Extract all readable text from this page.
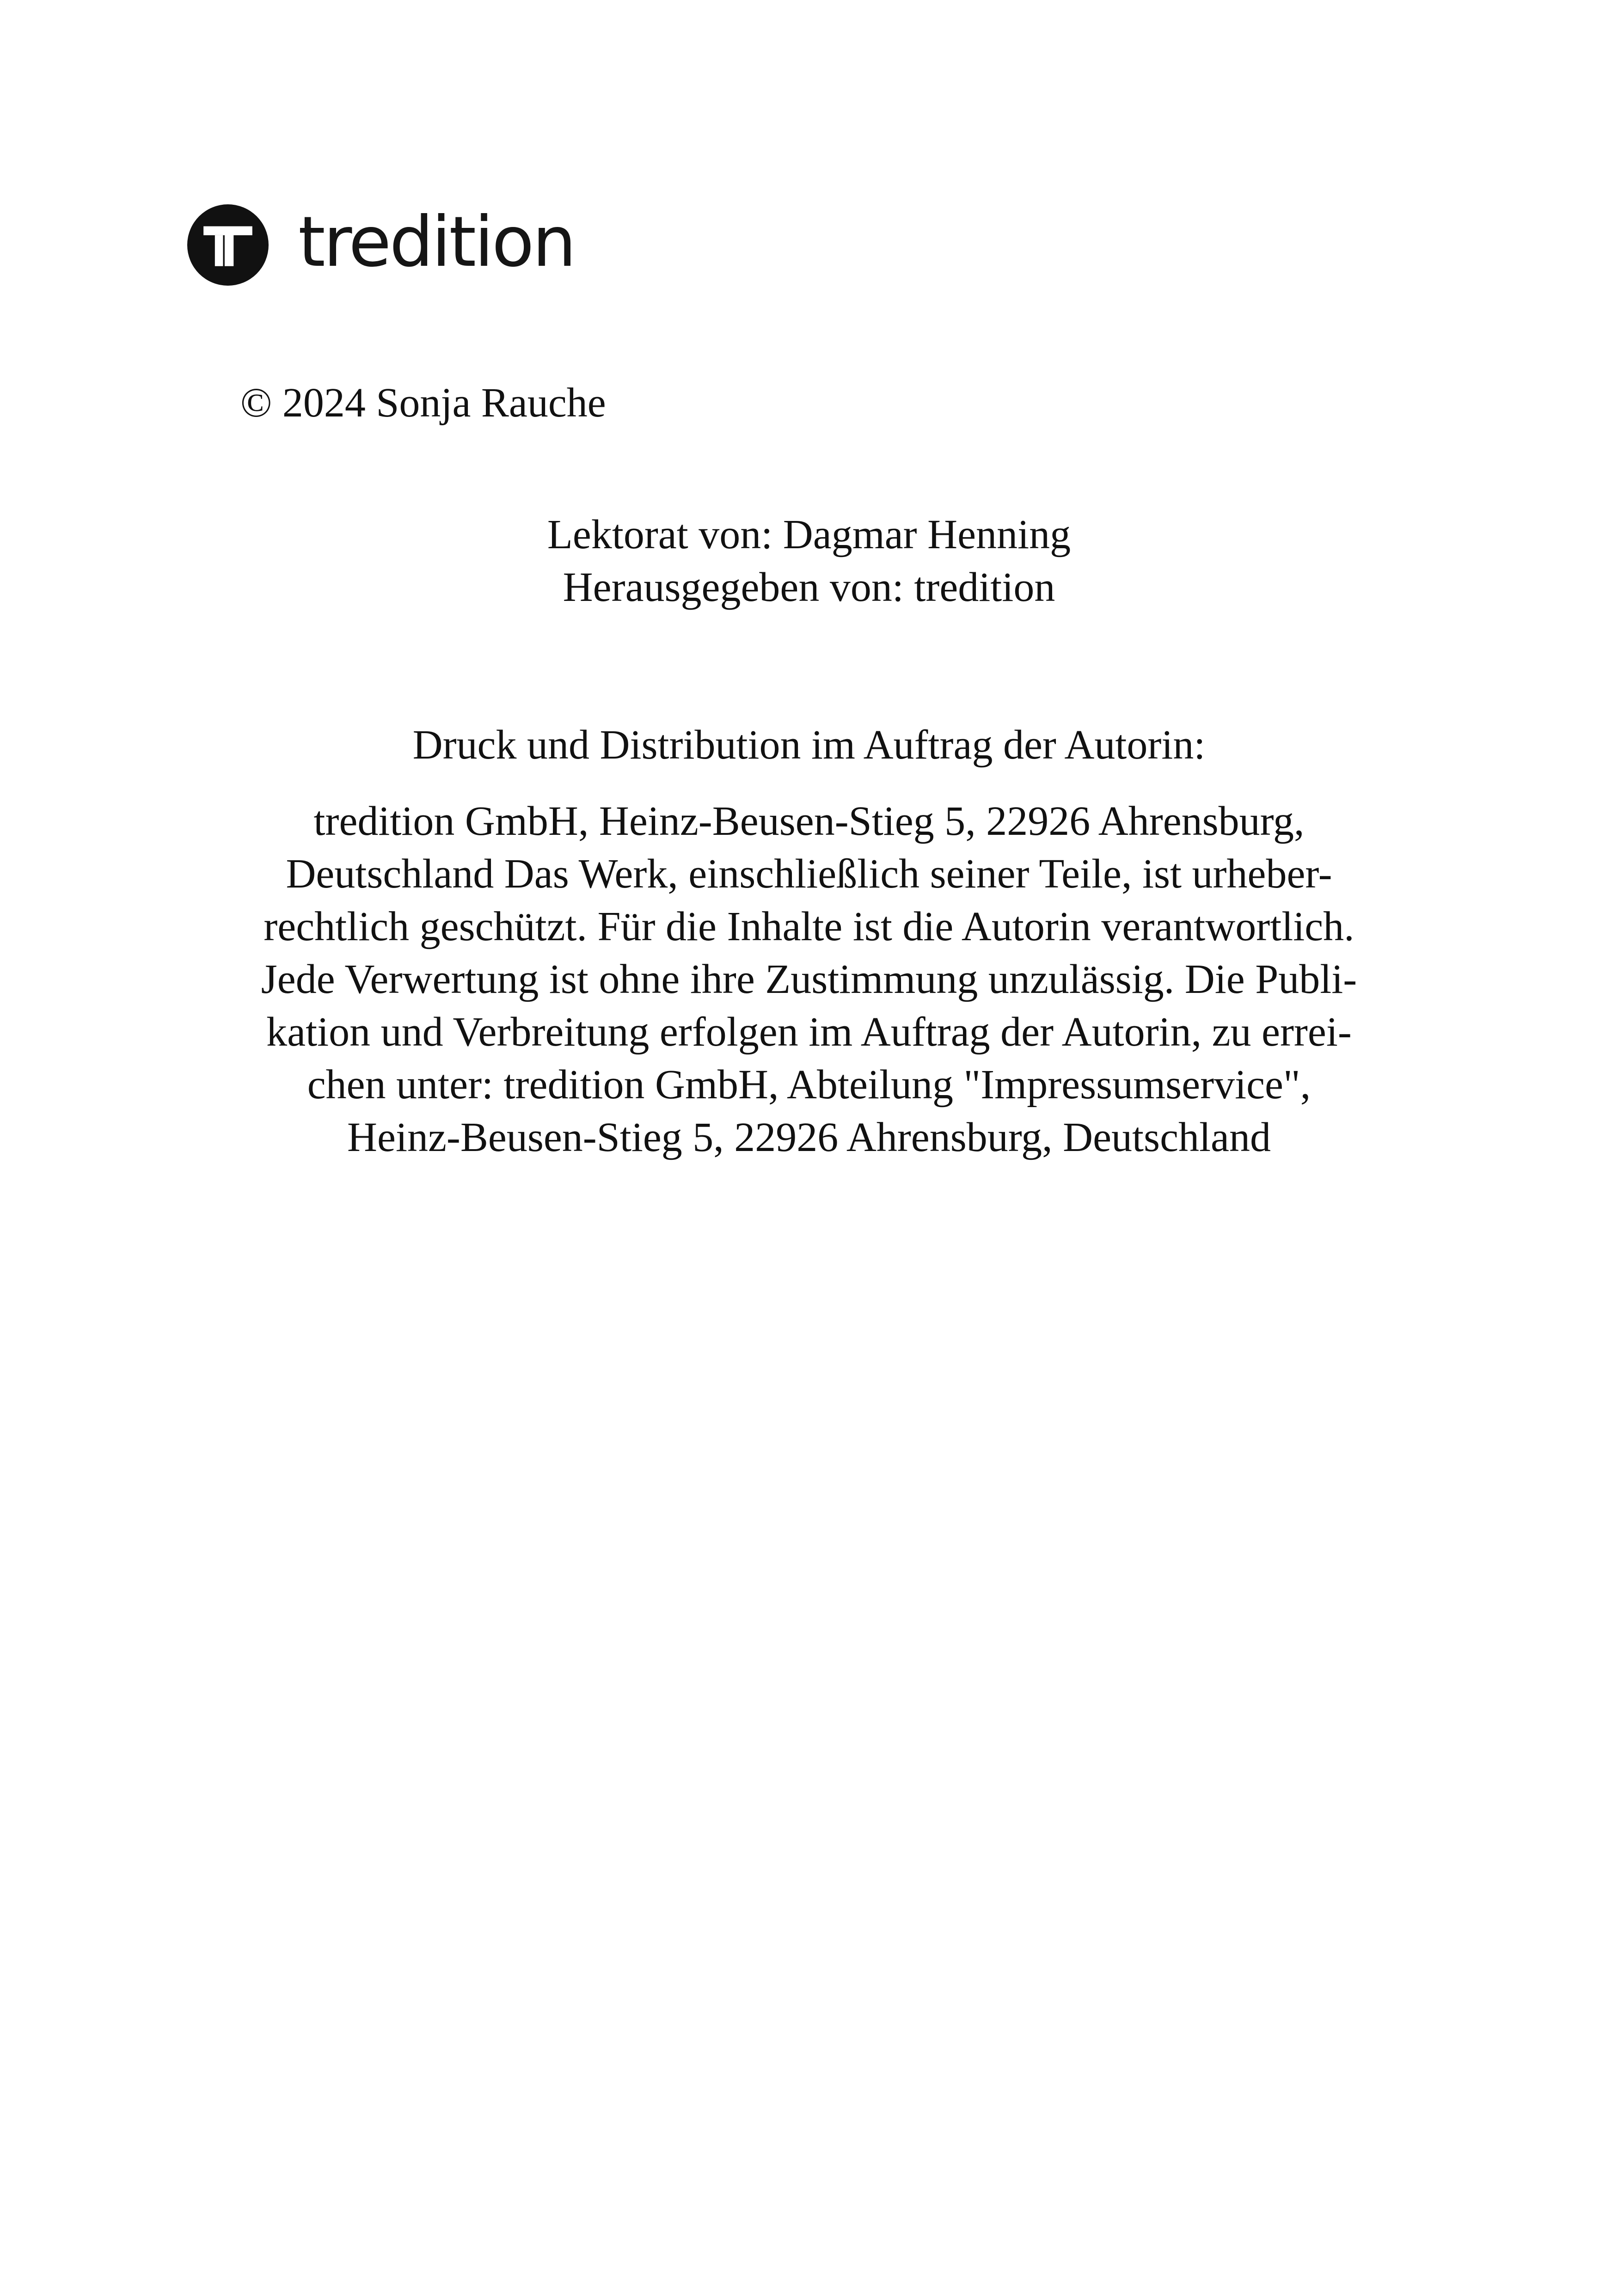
tredition
© 2024 Sonja Rauche
Lektorat von: Dagmar Henning
Herausgegeben von: tredition
Druck und Distribution im Auftrag der Autorin:
tredition GmbH, Heinz-Beusen-Stieg 5, 22926 Ahrensburg,
Deutschland Das Werk, einschließlich seiner Teile, ist urheber-
rechtlich geschützt. Für die Inhalte ist die Autorin verantwortlich.
Jede Verwertung ist ohne ihre Zustimmung unzulässig. Die Publi-
kation und Verbreitung erfolgen im Auftrag der Autorin, zu errei-
chen unter: tredition GmbH, Abteilung "Impressumservice",
Heinz-Beusen-Stieg 5, 22926 Ahrensburg, Deutschland
